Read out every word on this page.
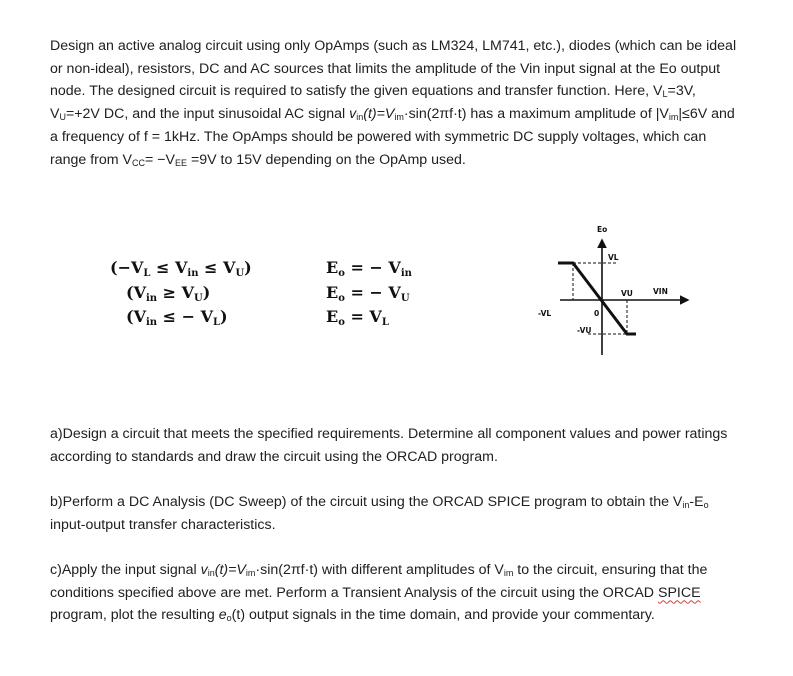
Design an active analog circuit using only OpAmps (such as LM324, LM741, etc.), diodes (which can be ideal or non-ideal), resistors, DC and AC sources that limits the amplitude of the Vin input signal at the Eo output node. The designed circuit is required to satisfy the given equations and transfer function. Here, $V_L=3V$, $V_U=+2V$ DC, and the input sinusoidal AC signal $v_{in}(t)=V_{im}\cdot\sin(2\pi f\cdot t)$ has a maximum amplitude of $|V_{im}|\le 6V$ and a frequency of f = 1kHz. The OpAmps should be powered with symmetric DC supply voltages, which can range from $V_{CC}= -V_{EE} =9V$ to 15V depending on the OpAmp used.
$(-V_L \le V_{in} \le V_U)$
$(V_{in} \ge V_U)$
($V_{in}$ ≤ − $V_L$)
$E_o$ = − $V_{in}$
$E_o$ = − $V_U$
$E_o = V_L$
Eo
VL
VU	VIN
-VL	0
-VU
a)Design a circuit that meets the specified requirements. Determine all component values and power ratings according to standards and draw the circuit using the ORCAD program.
b)Perform a DC Analysis (DC Sweep) of the circuit using the ORCAD SPICE program to obtain the $V_{in}-E_o$ input-output transfer characteristics.
c)Apply the input signal $v_{in}(t)=V_{im}\cdot\sin(2\pi f\cdot t)$ with different amplitudes of $V_{im}$ to the circuit, ensuring that the conditions specified above are met. Perform a Transient Analysis of the circuit using the ORCAD SPICE program, plot the resulting $e_o(t)$ output signals in the time domain, and provide your commentary.
